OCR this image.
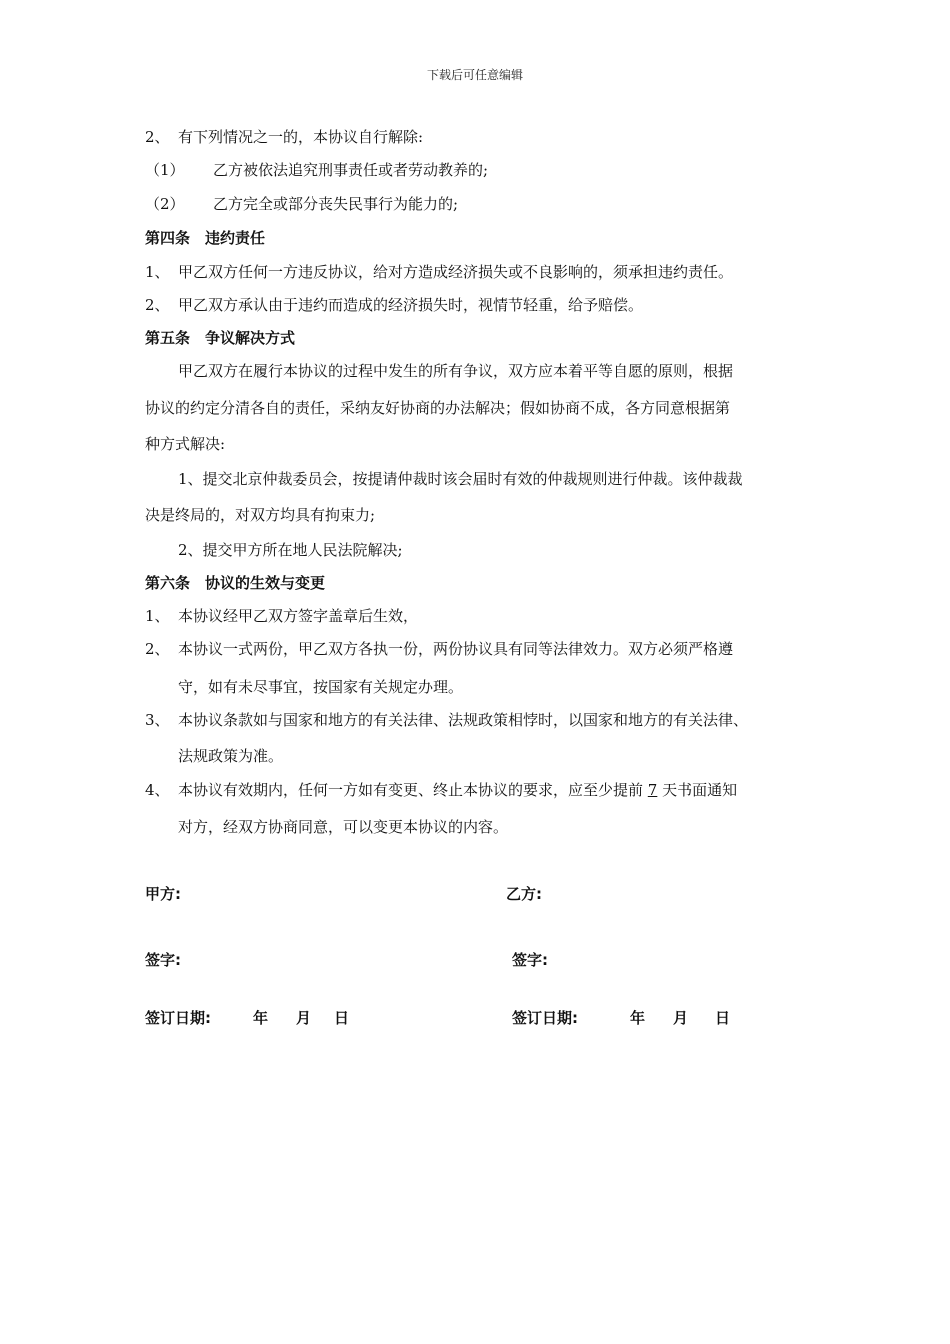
下载后可任意编辑
2、 有下列情况之一的，本协议自行解除:
（1） 乙方被依法追究刑事责任或者劳动教养的;
（2） 乙方完全或部分丧失民事行为能力的;
第四条　违约责任
1、 甲乙双方任何一方违反协议，给对方造成经济损失或不良影响的，须承担违约责任。
2、 甲乙双方承认由于违约而造成的经济损失时，视情节轻重，给予赔偿。
第五条　争议解决方式
甲乙双方在履行本协议的过程中发生的所有争议，双方应本着平等自愿的原则，根据
协议的约定分清各自的责任，采纳友好协商的办法解决；假如协商不成，各方同意根据第
种方式解决:
1、提交北京仲裁委员会，按提请仲裁时该会届时有效的仲裁规则进行仲裁。该仲裁裁
决是终局的，对双方均具有拘束力;
2、提交甲方所在地人民法院解决;
第六条　协议的生效与变更
1、 本协议经甲乙双方签字盖章后生效，
2、 本协议一式两份，甲乙双方各执一份，两份协议具有同等法律效力。双方必须严格遵
守，如有未尽事宜，按国家有关规定办理。
3、 本协议条款如与国家和地方的有关法律、法规政策相悖时，以国家和地方的有关法律、
法规政策为准。
4、 本协议有效期内，任何一方如有变更、终止本协议的要求，应至少提前 7 天书面通知
对方，经双方协商同意，可以变更本协议的内容。
甲方:	乙方:
签字:	签字:
签订日期:	年 月 日	签订日期:	年 月 日
